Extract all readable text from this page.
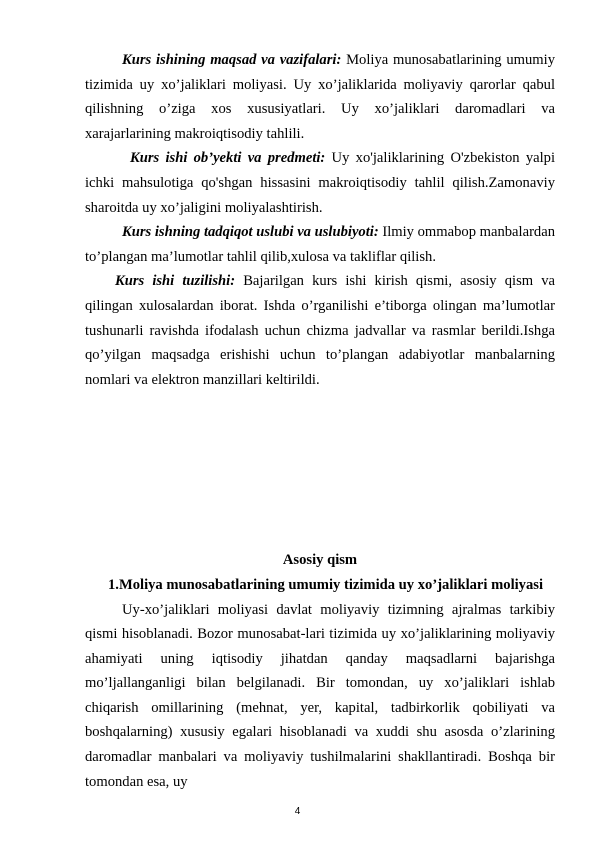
Kurs ishining maqsad va vazifalari: Moliya munosabatlarining umumiy tizimida uy xo’jaliklari moliyasi. Uy xo’jaliklarida moliyaviy qarorlar qabul qilishning o’ziga xos xususiyatlari. Uy xo’jaliklari daromadlari va xarajarlarining makroiqtisodiy tahlili.

Kurs ishi ob’yekti va predmeti: Uy xo'jaliklarining O'zbekiston yalpi ichki mahsulotiga qo'shgan hissasini makroiqtisodiy tahlil qilish.Zamonaviy sharoitda uy xo’jaligini moliyalashtirish.

Kurs ishning tadqiqot uslubi va uslubiyoti: Ilmiy ommabop manbalardan to’plangan ma’lumotlar tahlil qilib,xulosa va takliflar qilish.

Kurs ishi tuzilishi: Bajarilgan kurs ishi kirish qismi, asosiy qism va qilingan xulosalardan iborat. Ishda o’rganilishi e’tiborga olingan ma’lumotlar tushunarli ravishda ifodalash uchun chizma jadvallar va rasmlar berildi.Ishga qo’yilgan maqsadga erishishi uchun to’plangan adabiyotlar manbalarning nomlari va elektron manzillari keltirildi.

Asosiy qism

1.Moliya munosabatlarining umumiy tizimida uy xo’jaliklari moliyasi

Uy-xo’jaliklari moliyasi davlat moliyaviy tizimning ajralmas tarkibiy qismi hisoblanadi. Bozor munosabat-lari tizimida uy xo’jaliklarining moliyaviy ahamiyati uning iqtisodiy jihatdan qanday maqsadlarni bajarishga mo’ljallanganligi bilan belgilanadi. Bir tomondan, uy xo’jaliklari ishlab chiqarish omillarining (mehnat, yer, kapital, tadbirkorlik qobiliyati va boshqalarning) xususiy egalari hisoblanadi va xuddi shu asosda o’zlarining daromadlar manbalari va moliyaviy tushilmalarini shakllantiradi. Boshqa bir tomondan esa, uy

4
